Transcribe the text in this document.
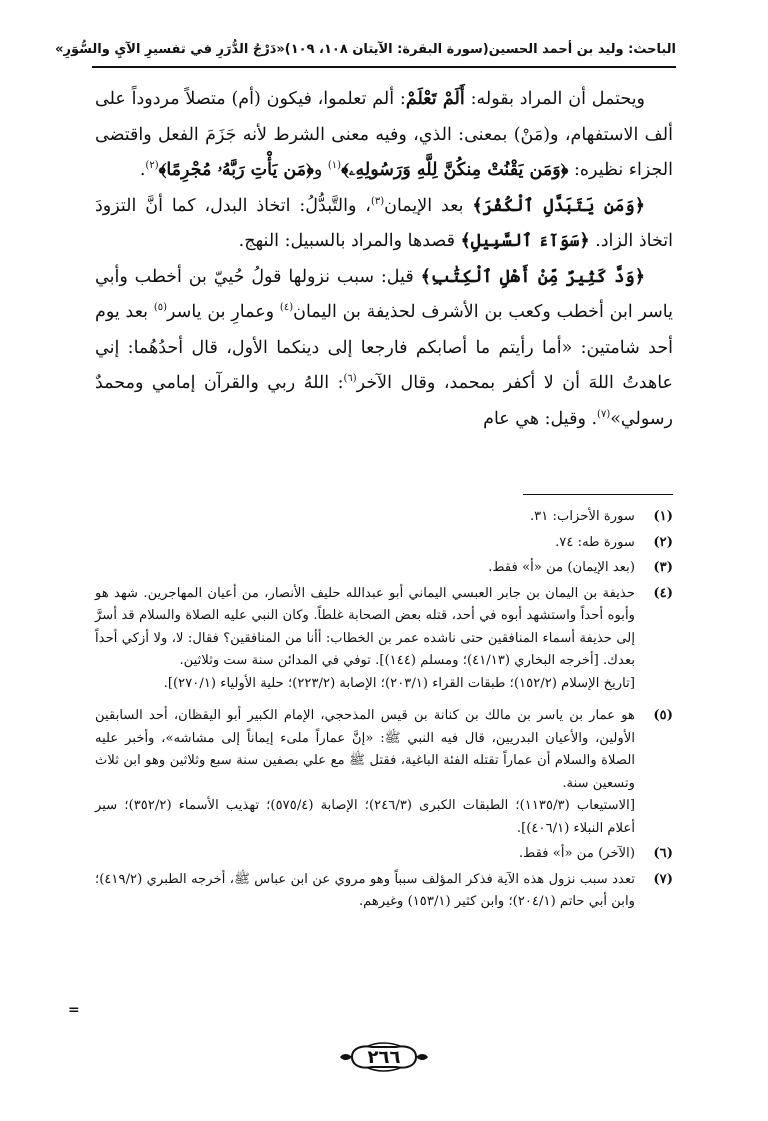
الباحث: وليد بن أحمد الحسين
(سورة البقرة: الآيتان ١٠٨، ١٠٩)
«دَرْجُ الدُّرَرِ في تفسيرِ الآيِ والسُّوَرِ»

ويحتمل أن المراد بقوله: أَلَمْ تَعْلَمْ: ألم تعلموا، فيكون (أم) متصلاً مردوداً على ألف الاستفهام، و(مَنْ) بمعنى: الذي، وفيه معنى الشرط لأنه جَزَمَ الفعل واقتضى الجزاء نظيره: ﴿وَمَن يَقْنُتْ مِنكُنَّ لِلَّهِ وَرَسُولِهِۦ﴾$^{(١)}$ و﴿مَن يَأْتِ رَبَّهُۥ مُجْرِمًا﴾$^{(٢)}$.

﴿وَمَن يَتَبَدَّلِ ٱلْكُفْرَ﴾ بعد الإيمان$^{(٣)}$، والتَّبدُّلُ: اتخاذ البدل، كما أنَّ التزودَ اتخاذ الزاد. ﴿سَوَآءَ ٱلسَّبِيلِ﴾ قصدها والمراد بالسبيل: النهج.

﴿وَدَّ كَثِيرٌ مِّنْ أَهْلِ ٱلْكِتَٰبِ﴾ قيل: سبب نزولها قولُ حُييّ بن أخطب وأبي ياسر ابن أخطب وكعب بن الأشرف لحذيفة بن اليمان$^{(٤)}$ وعمارِ بن ياسر$^{(٥)}$ بعد يوم أحد شامتين: «أما رأيتم ما أصابكم فارجعا إلى دينكما الأول، قال أحدُهُما: إني عاهدتُ اللهَ أن لا أكفر بمحمد، وقال الآخر$^{(٦)}$: اللهُ ربي والقرآن إمامي ومحمدٌ رسولي»$^{(٧)}$. وقيل: هي عام

(١)
سورة الأحزاب: ٣١.
(٢)
سورة طه: ٧٤.
(٣)
(بعد الإيمان) من «أ» فقط.
(٤)
حذيفة بن اليمان بن جابر العبسي اليماني أبو عبدالله حليف الأنصار، من أعيان المهاجرين. شهد هو وأبوه أحداً واستشهد أبوه في أحد، قتله بعض الصحابة غلطاً. وكان النبي عليه الصلاة والسلام قد أسرَّ إلى حذيفة أسماء المنافقين حتى ناشده عمر بن الخطاب: أأنا من المنافقين؟ فقال: لا، ولا أزكي أحداً بعدك. [أخرجه البخاري (٤١/١٣)؛ ومسلم (١٤٤)]. توفي في المدائن سنة ست وثلاثين.
[تاريخ الإسلام (١٥٢/٢)؛ طبقات القراء (٢٠٣/١)؛ الإصابة (٢٢٣/٢)؛ حلية الأولياء (٢٧٠/١)].
(٥)
هو عمار بن ياسر بن مالك بن كنانة بن قيس المذحجي، الإمام الكبير أبو اليقظان، أحد السابقين الأولين، والأعيان البدريين، قال فيه النبي ﷺ: «إنَّ عماراً ملىء إيماناً إلى مشاشه»، وأخبر عليه الصلاة والسلام أن عماراً تقتله الفئة الباغية، فقتل ﷺ مع علي بصفين سنة سبع وثلاثين وهو ابن ثلاث وتسعين سنة.
[الاستيعاب (١١٣٥/٣)؛ الطبقات الكبرى (٢٤٦/٣)؛ الإصابة (٥٧٥/٤)؛ تهذيب الأسماء (٣٥٢/٢)؛ سير أعلام النبلاء (٤٠٦/١)].
(٦)
(الآخر) من «أ» فقط.
(٧)
تعدد سبب نزول هذه الآية فذكر المؤلف سبباً وهو مروي عن ابن عباس ﷺ، أخرجه الطبري (٤١٩/٢)؛ وابن أبي حاتم (٢٠٤/١)؛ وابن كثير (١٥٣/١) وغيرهم.
=
٢٦٦
